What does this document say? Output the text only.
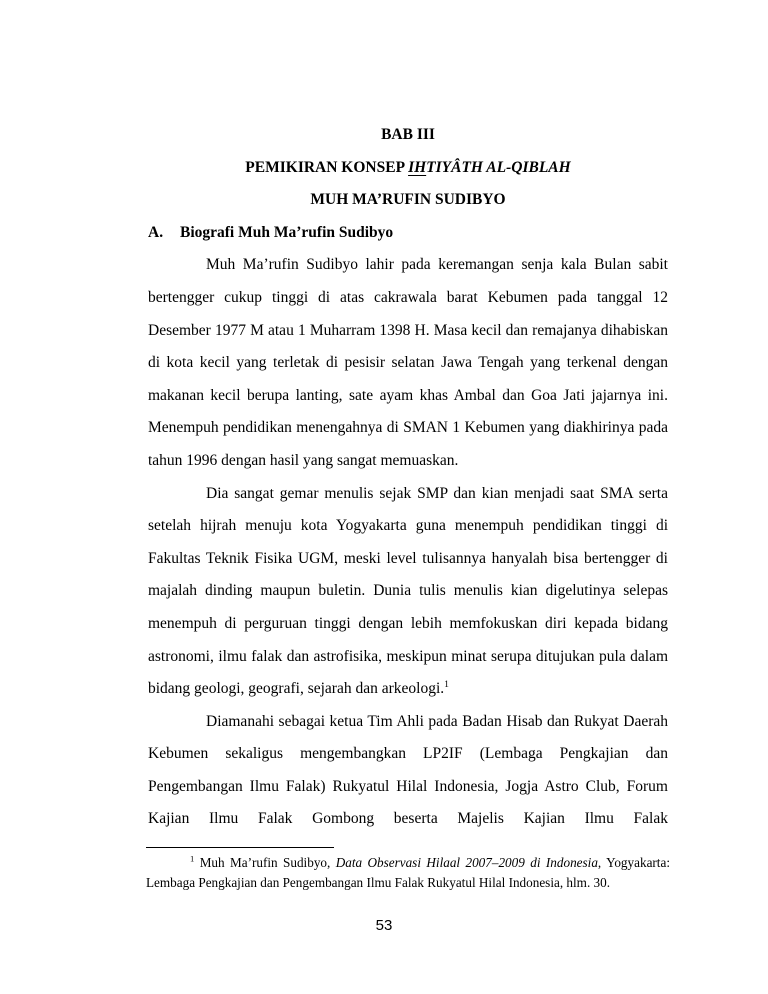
BAB III
PEMIKIRAN KONSEP IHTIYÂTH AL-QIBLAH
MUH MA’RUFIN SUDIBYO
A.	Biografi Muh Ma’rufin Sudibyo

Muh Ma’rufin Sudibyo lahir pada keremangan senja kala Bulan sabit bertengger cukup tinggi di atas cakrawala barat Kebumen pada tanggal 12 Desember 1977 M atau 1 Muharram 1398 H. Masa kecil dan remajanya dihabiskan di kota kecil yang terletak di pesisir selatan Jawa Tengah yang terkenal dengan makanan kecil berupa lanting, sate ayam khas Ambal dan Goa Jati jajarnya ini. Menempuh pendidikan menengahnya di SMAN 1 Kebumen yang diakhirinya pada tahun 1996 dengan hasil yang sangat memuaskan.

Dia sangat gemar menulis sejak SMP dan kian menjadi saat SMA serta setelah hijrah menuju kota Yogyakarta guna menempuh pendidikan tinggi di Fakultas Teknik Fisika UGM, meski level tulisannya hanyalah bisa bertengger di majalah dinding maupun buletin. Dunia tulis menulis kian digelutinya selepas menempuh di perguruan tinggi dengan lebih memfokuskan diri kepada bidang astronomi, ilmu falak dan astrofisika, meskipun minat serupa ditujukan pula dalam bidang geologi, geografi, sejarah dan arkeologi.$^1$

Diamanahi sebagai ketua Tim Ahli pada Badan Hisab dan Rukyat Daerah Kebumen sekaligus mengembangkan LP2IF (Lembaga Pengkajian dan Pengembangan Ilmu Falak) Rukyatul Hilal Indonesia, Jogja Astro Club, Forum Kajian Ilmu Falak Gombong beserta Majelis Kajian Ilmu Falak

$^1$ Muh Ma’rufin Sudibyo, Data Observasi Hilaal 2007–2009 di Indonesia, Yogyakarta: Lembaga Pengkajian dan Pengembangan Ilmu Falak Rukyatul Hilal Indonesia, hlm. 30.

53
